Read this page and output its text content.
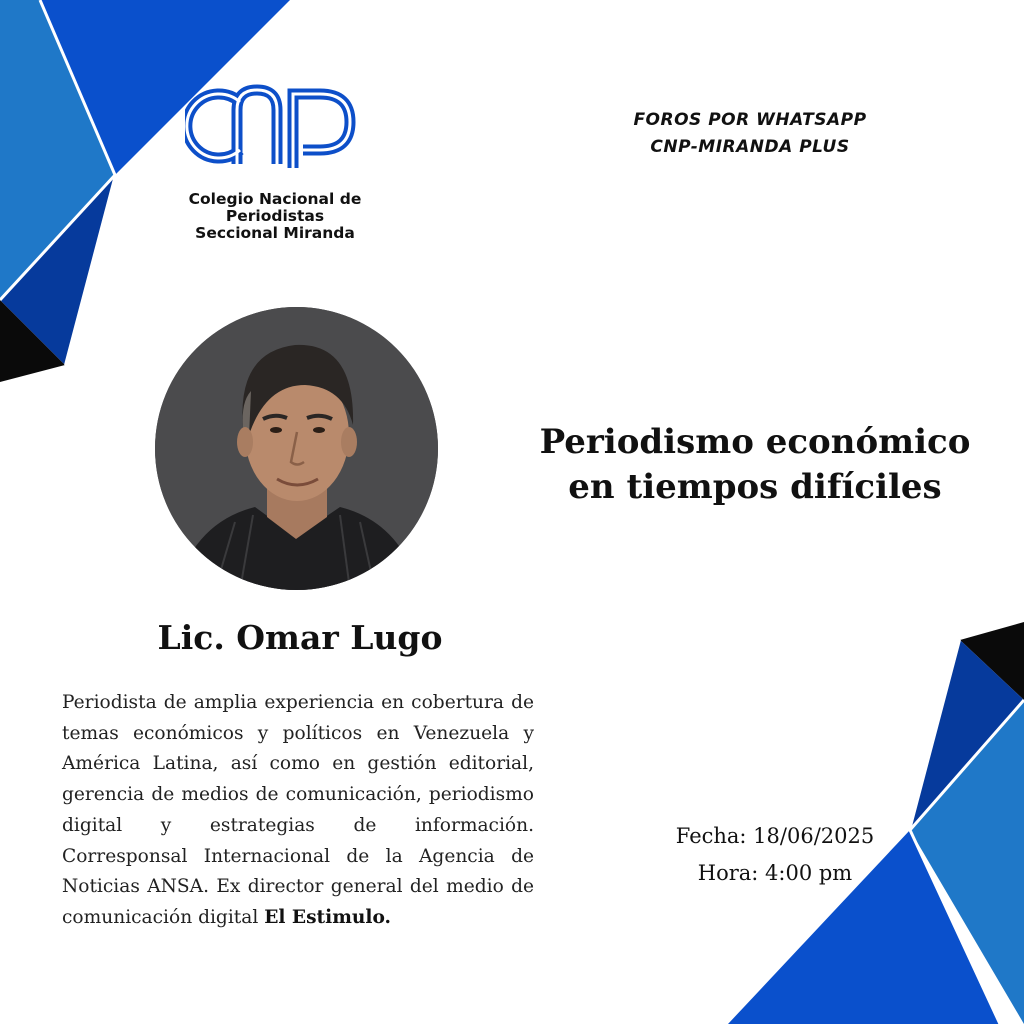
Colegio Nacional de
Periodistas
Seccional Miranda
FOROS POR WHATSAPP
CNP-MIRANDA PLUS
Periodismo económico
en tiempos difíciles
Lic. Omar Lugo
Periodista de amplia experiencia en cobertura de temas económicos y políticos en Venezuela y América Latina, así como en gestión editorial, gerencia de medios de comunicación, periodismo digital y estrategias de información. Corresponsal Internacional de la Agencia de Noticias ANSA. Ex director general del medio de comunicación digital El Estimulo.
Fecha: 18/06/2025
Hora: 4:00 pm
